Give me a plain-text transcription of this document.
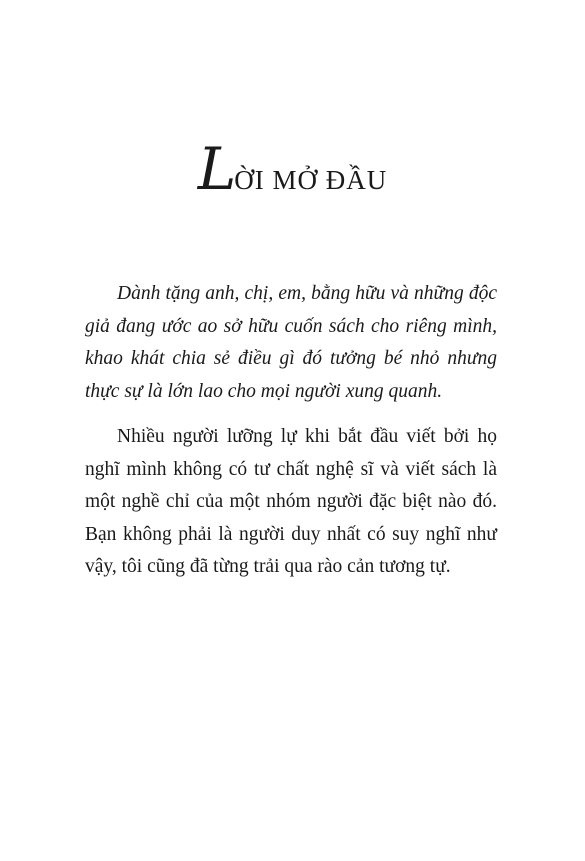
LỜI MỞ ĐẦU

Dành tặng anh, chị, em, bằng hữu và những độc giả đang ước ao sở hữu cuốn sách cho riêng mình, khao khát chia sẻ điều gì đó tưởng bé nhỏ nhưng thực sự là lớn lao cho mọi người xung quanh.

Nhiều người lưỡng lự khi bắt đầu viết bởi họ nghĩ mình không có tư chất nghệ sĩ và viết sách là một nghề chỉ của một nhóm người đặc biệt nào đó. Bạn không phải là người duy nhất có suy nghĩ như vậy, tôi cũng đã từng trải qua rào cản tương tự.
